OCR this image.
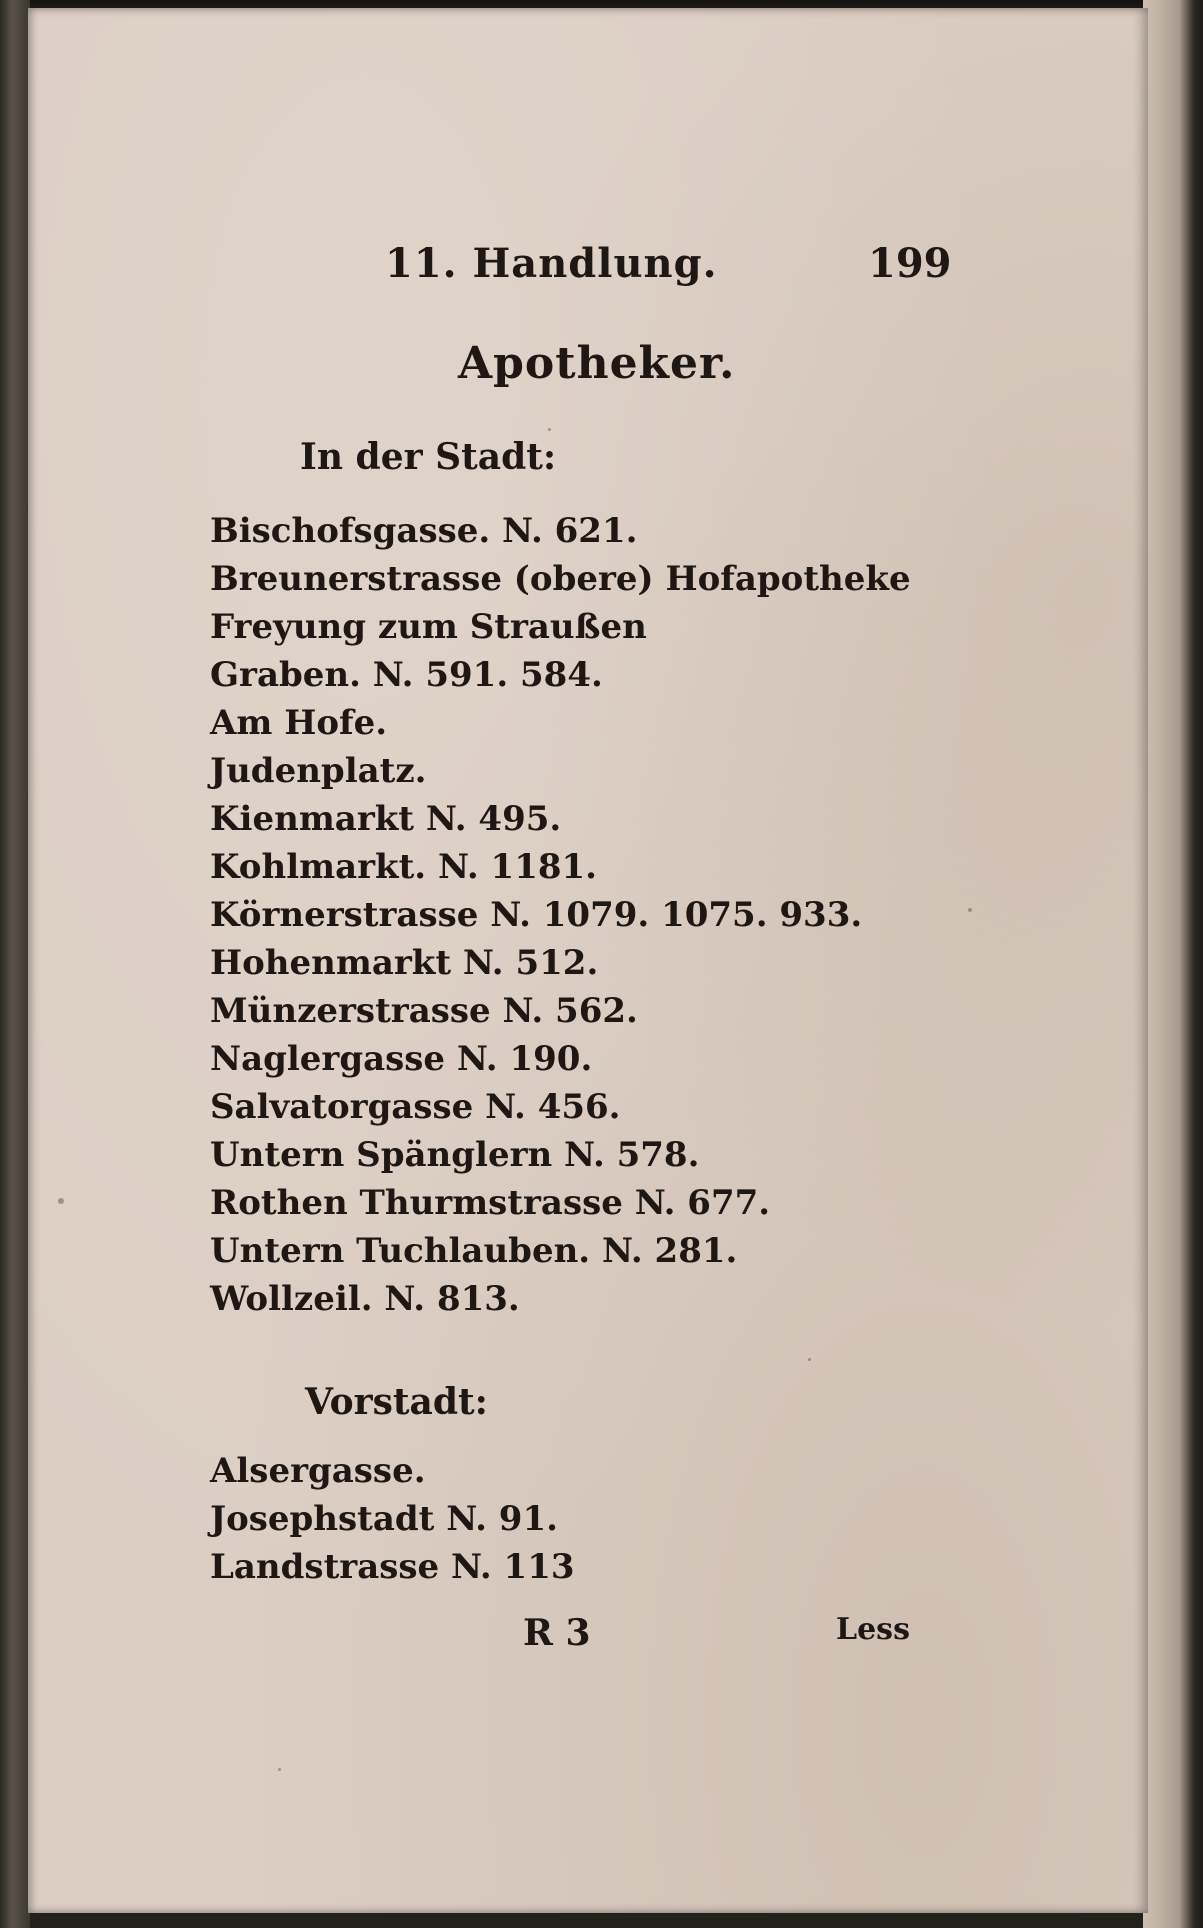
11. Handlung.	199
Apotheker.
In der Stadt:
Bischofsgasse. N. 621.
Breunerstrasse (obere) Hofapotheke
Freyung zum Straußen
Graben. N. 591. 584.
Am Hofe.
Judenplatz.
Kienmarkt N. 495.
Kohlmarkt. N. 1181.
Körnerstrasse N. 1079. 1075. 933.
Hohenmarkt N. 512.
Münzerstrasse N. 562.
Naglergasse N. 190.
Salvatorgasse N. 456.
Untern Spänglern N. 578.
Rothen Thurmstrasse N. 677.
Untern Tuchlauben. N. 281.
Wollzeil. N. 813.
Vorstadt:
Alsergasse.
Josephstadt N. 91.
Landstrasse N. 113
R 3	Less
